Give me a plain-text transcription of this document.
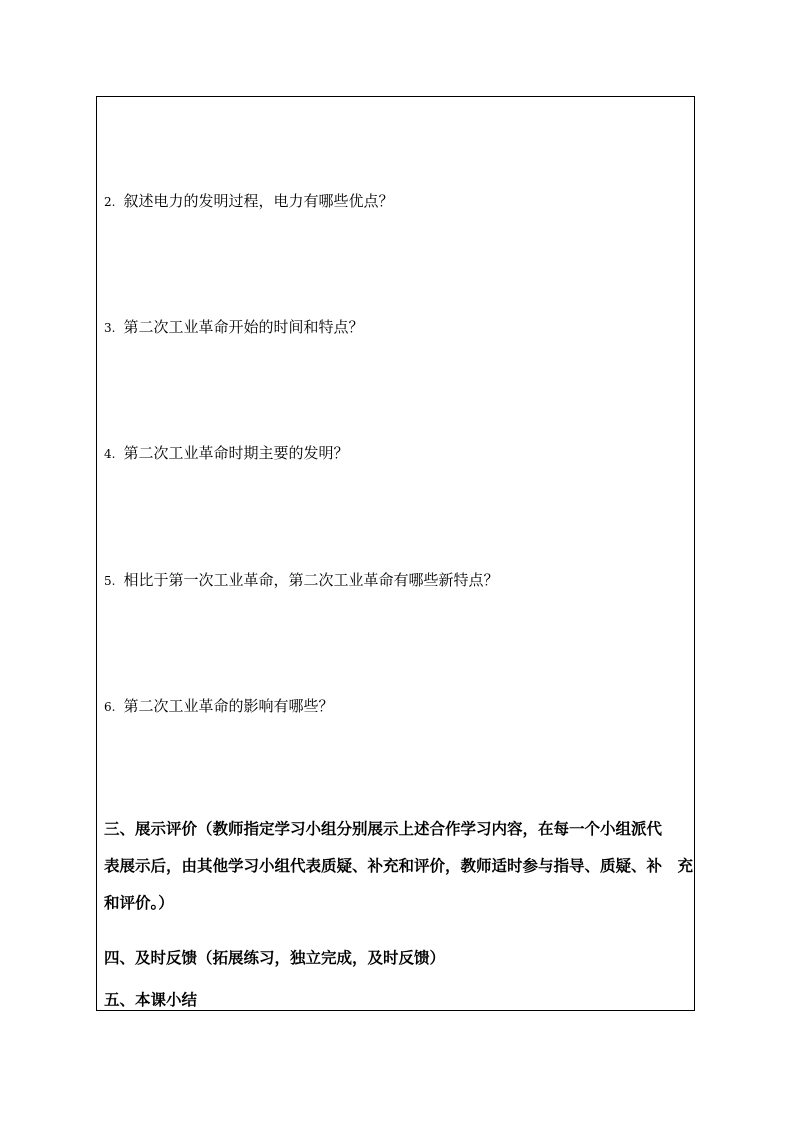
2. 叙述电力的发明过程，电力有哪些优点？
3. 第二次工业革命开始的时间和特点？
4. 第二次工业革命时期主要的发明？
5. 相比于第一次工业革命，第二次工业革命有哪些新特点？
6. 第二次工业革命的影响有哪些？
三、展示评价（教师指定学习小组分别展示上述合作学习内容，在每一个小组派代
表展示后，由其他学习小组代表质疑、补充和评价，教师适时参与指导、质疑、补　充
和评价。）
四、及时反馈（拓展练习，独立完成，及时反馈）
五、本课小结
